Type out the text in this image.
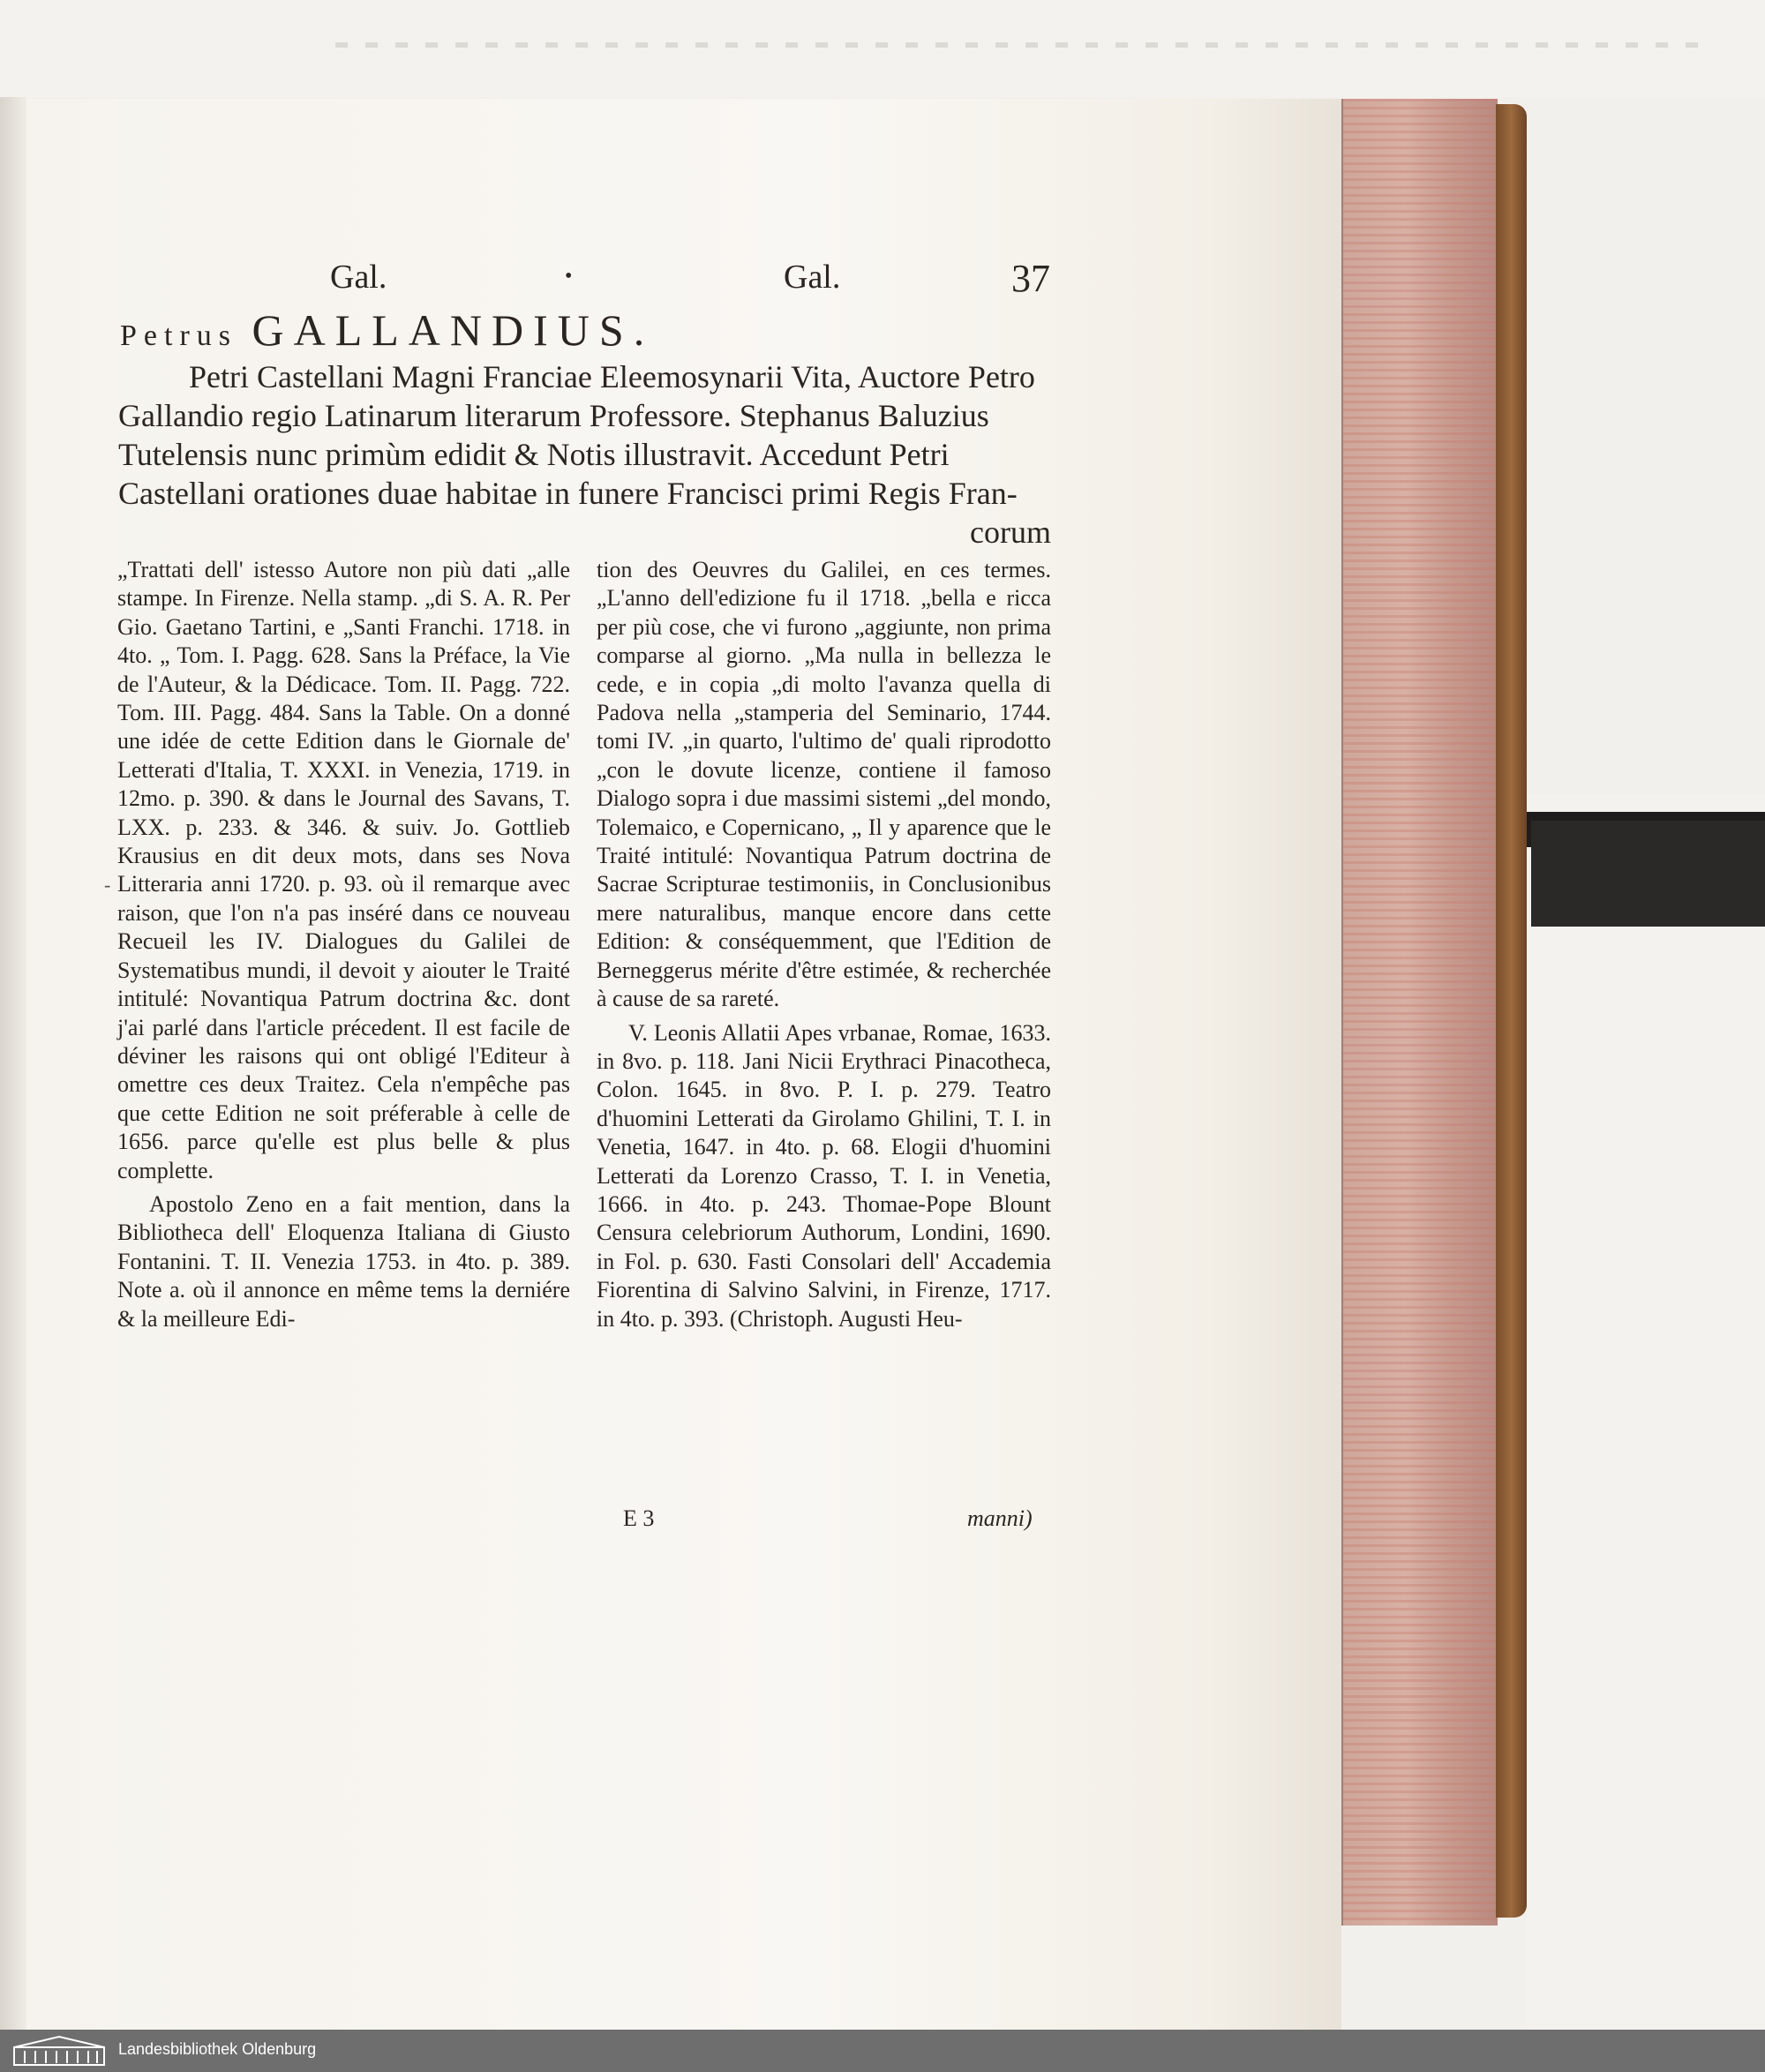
Gal.	•	Gal.	37
Petrus GALLANDIUS.

Petri Castellani Magni Franciae Eleemosynarii Vita, Auctore Petro

Gallandio regio Latinarum literarum Professore. Stephanus Baluzius

Tutelensis nunc primùm edidit & Notis illustravit. Accedunt Petri

Castellani orationes duae habitae in funere Francisci primi Regis Fran-

corum

-

„Trattati dell' istesso Autore non più dati „alle stampe. In Firenze. Nella stamp. „di S. A. R. Per Gio. Gaetano Tartini, e „Santi Franchi. 1718. in 4to. „ Tom. I. Pagg. 628. Sans la Préface, la Vie de l'Auteur, & la Dédicace. Tom. II. Pagg. 722. Tom. III. Pagg. 484. Sans la Table. On a donné une idée de cette Edition dans le Giornale de' Letterati d'Italia, T. XXXI. in Venezia, 1719. in 12mo. p. 390. & dans le Journal des Savans, T. LXX. p. 233. & 346. & suiv. Jo. Gottlieb Krausius en dit deux mots, dans ses Nova Litteraria anni 1720. p. 93. où il remarque avec raison, que l'on n'a pas inséré dans ce nouveau Recueil les IV. Dialogues du Galilei de Systematibus mundi, il devoit y aiouter le Traité intitulé: Novantiqua Patrum doctrina &c. dont j'ai parlé dans l'article précedent. Il est facile de déviner les raisons qui ont obligé l'Editeur à omettre ces deux Traitez. Cela n'empêche pas que cette Edition ne soit préferable à celle de 1656. parce qu'elle est plus belle & plus complette.

Apostolo Zeno en a fait mention, dans la Bibliotheca dell' Eloquenza Italiana di Giusto Fontanini. T. II. Venezia 1753. in 4to. p. 389. Note a. où il annonce en même tems la derniére & la meilleure Edi-

tion des Oeuvres du Galilei, en ces termes. „L'anno dell'edizione fu il 1718. „bella e ricca per più cose, che vi furono „aggiunte, non prima comparse al giorno. „Ma nulla in bellezza le cede, e in copia „di molto l'avanza quella di Padova nella „stamperia del Seminario, 1744. tomi IV. „in quarto, l'ultimo de' quali riprodotto „con le dovute licenze, contiene il famoso Dialogo sopra i due massimi sistemi „del mondo, Tolemaico, e Copernicano, „ Il y aparence que le Traité intitulé: Novantiqua Patrum doctrina de Sacrae Scripturae testimoniis, in Conclusionibus mere naturalibus, manque encore dans cette Edition: & conséquemment, que l'Edition de Berneggerus mérite d'être estimée, & recherchée à cause de sa rareté.

V. Leonis Allatii Apes vrbanae, Romae, 1633. in 8vo. p. 118. Jani Nicii Erythraci Pinacotheca, Colon. 1645. in 8vo. P. I. p. 279. Teatro d'huomini Letterati da Girolamo Ghilini, T. I. in Venetia, 1647. in 4to. p. 68. Elogii d'huomini Letterati da Lorenzo Crasso, T. I. in Venetia, 1666. in 4to. p. 243. Thomae-Pope Blount Censura celebriorum Authorum, Londini, 1690. in Fol. p. 630. Fasti Consolari dell' Accademia Fiorentina di Salvino Salvini, in Firenze, 1717. in 4to. p. 393. (Christoph. Augusti Heu-

E 3	manni)
Landesbibliothek Oldenburg
